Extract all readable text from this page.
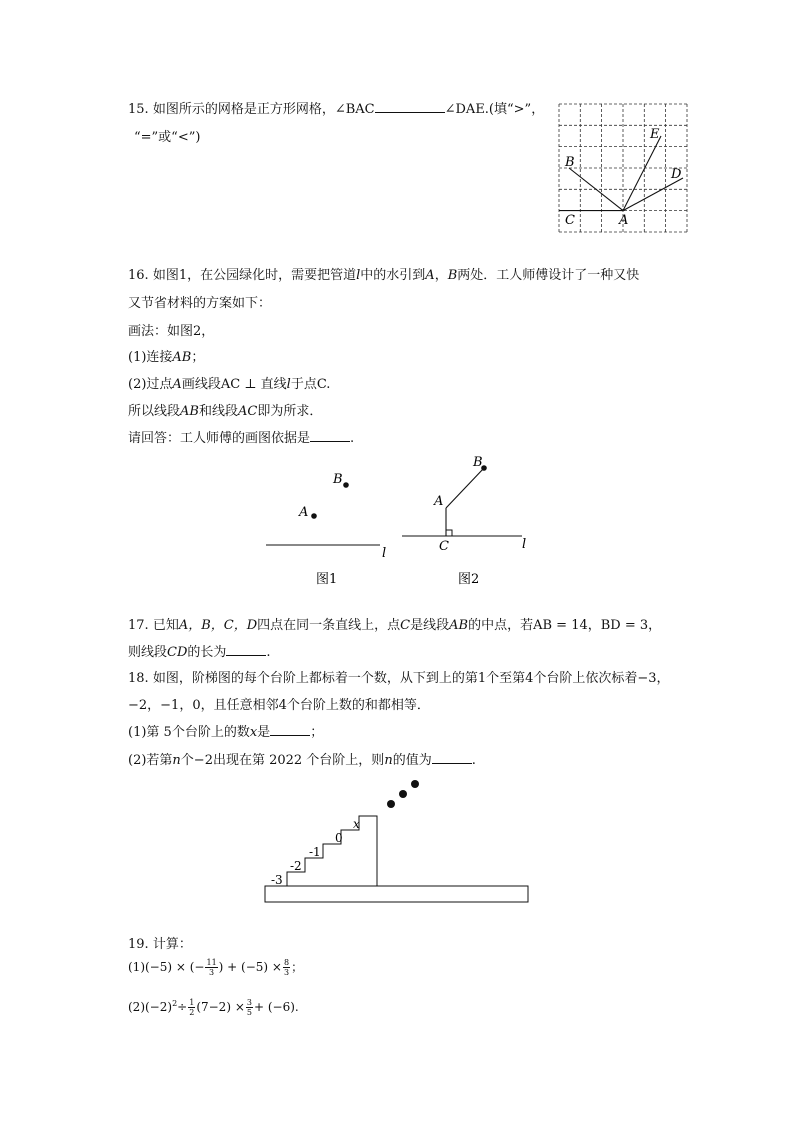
15. 如图所示的网格是正方形网格，∠BAC	∠DAE.(填“>”，
“=”或“<”)
C	A
B
E
D
16. 如图1，在公园绿化时，需要把管道l中的水引到A，B两处．工人师傅设计了一种又快
又节省材料的方案如下：
画法：如图2，
(1)连接AB；
(2)过点A画线段AC ⊥ 直线l于点C.
所以线段AB和线段AC即为所求．
请回答：工人师傅的画图依据是	.
B
A
l
图1
B
A
C	l
图2
17. 已知A，B，C，D四点在同一条直线上，点C是线段AB的中点，若AB = 14，BD = 3，
则线段CD的长为	.
18. 如图，阶梯图的每个台阶上都标着一个数，从下到上的第1个至第4个台阶上依次标着−3，
−2，−1，0，且任意相邻4个台阶上数的和都相等．
(1)第 5个台阶上的数x是	；
(2)若第n个−2出现在第 2022 个台阶上，则n的值为	.
-3
-2
-1
0
x
19. 计算：
(1)(−5) × (− $\frac{11}{3}$ ) + $(-5) \times \frac{8}{3}$ ；
$(2)(-2)^2\div \frac{1}{2} (7-2) \times \frac{3}{5} + (-6)$.
